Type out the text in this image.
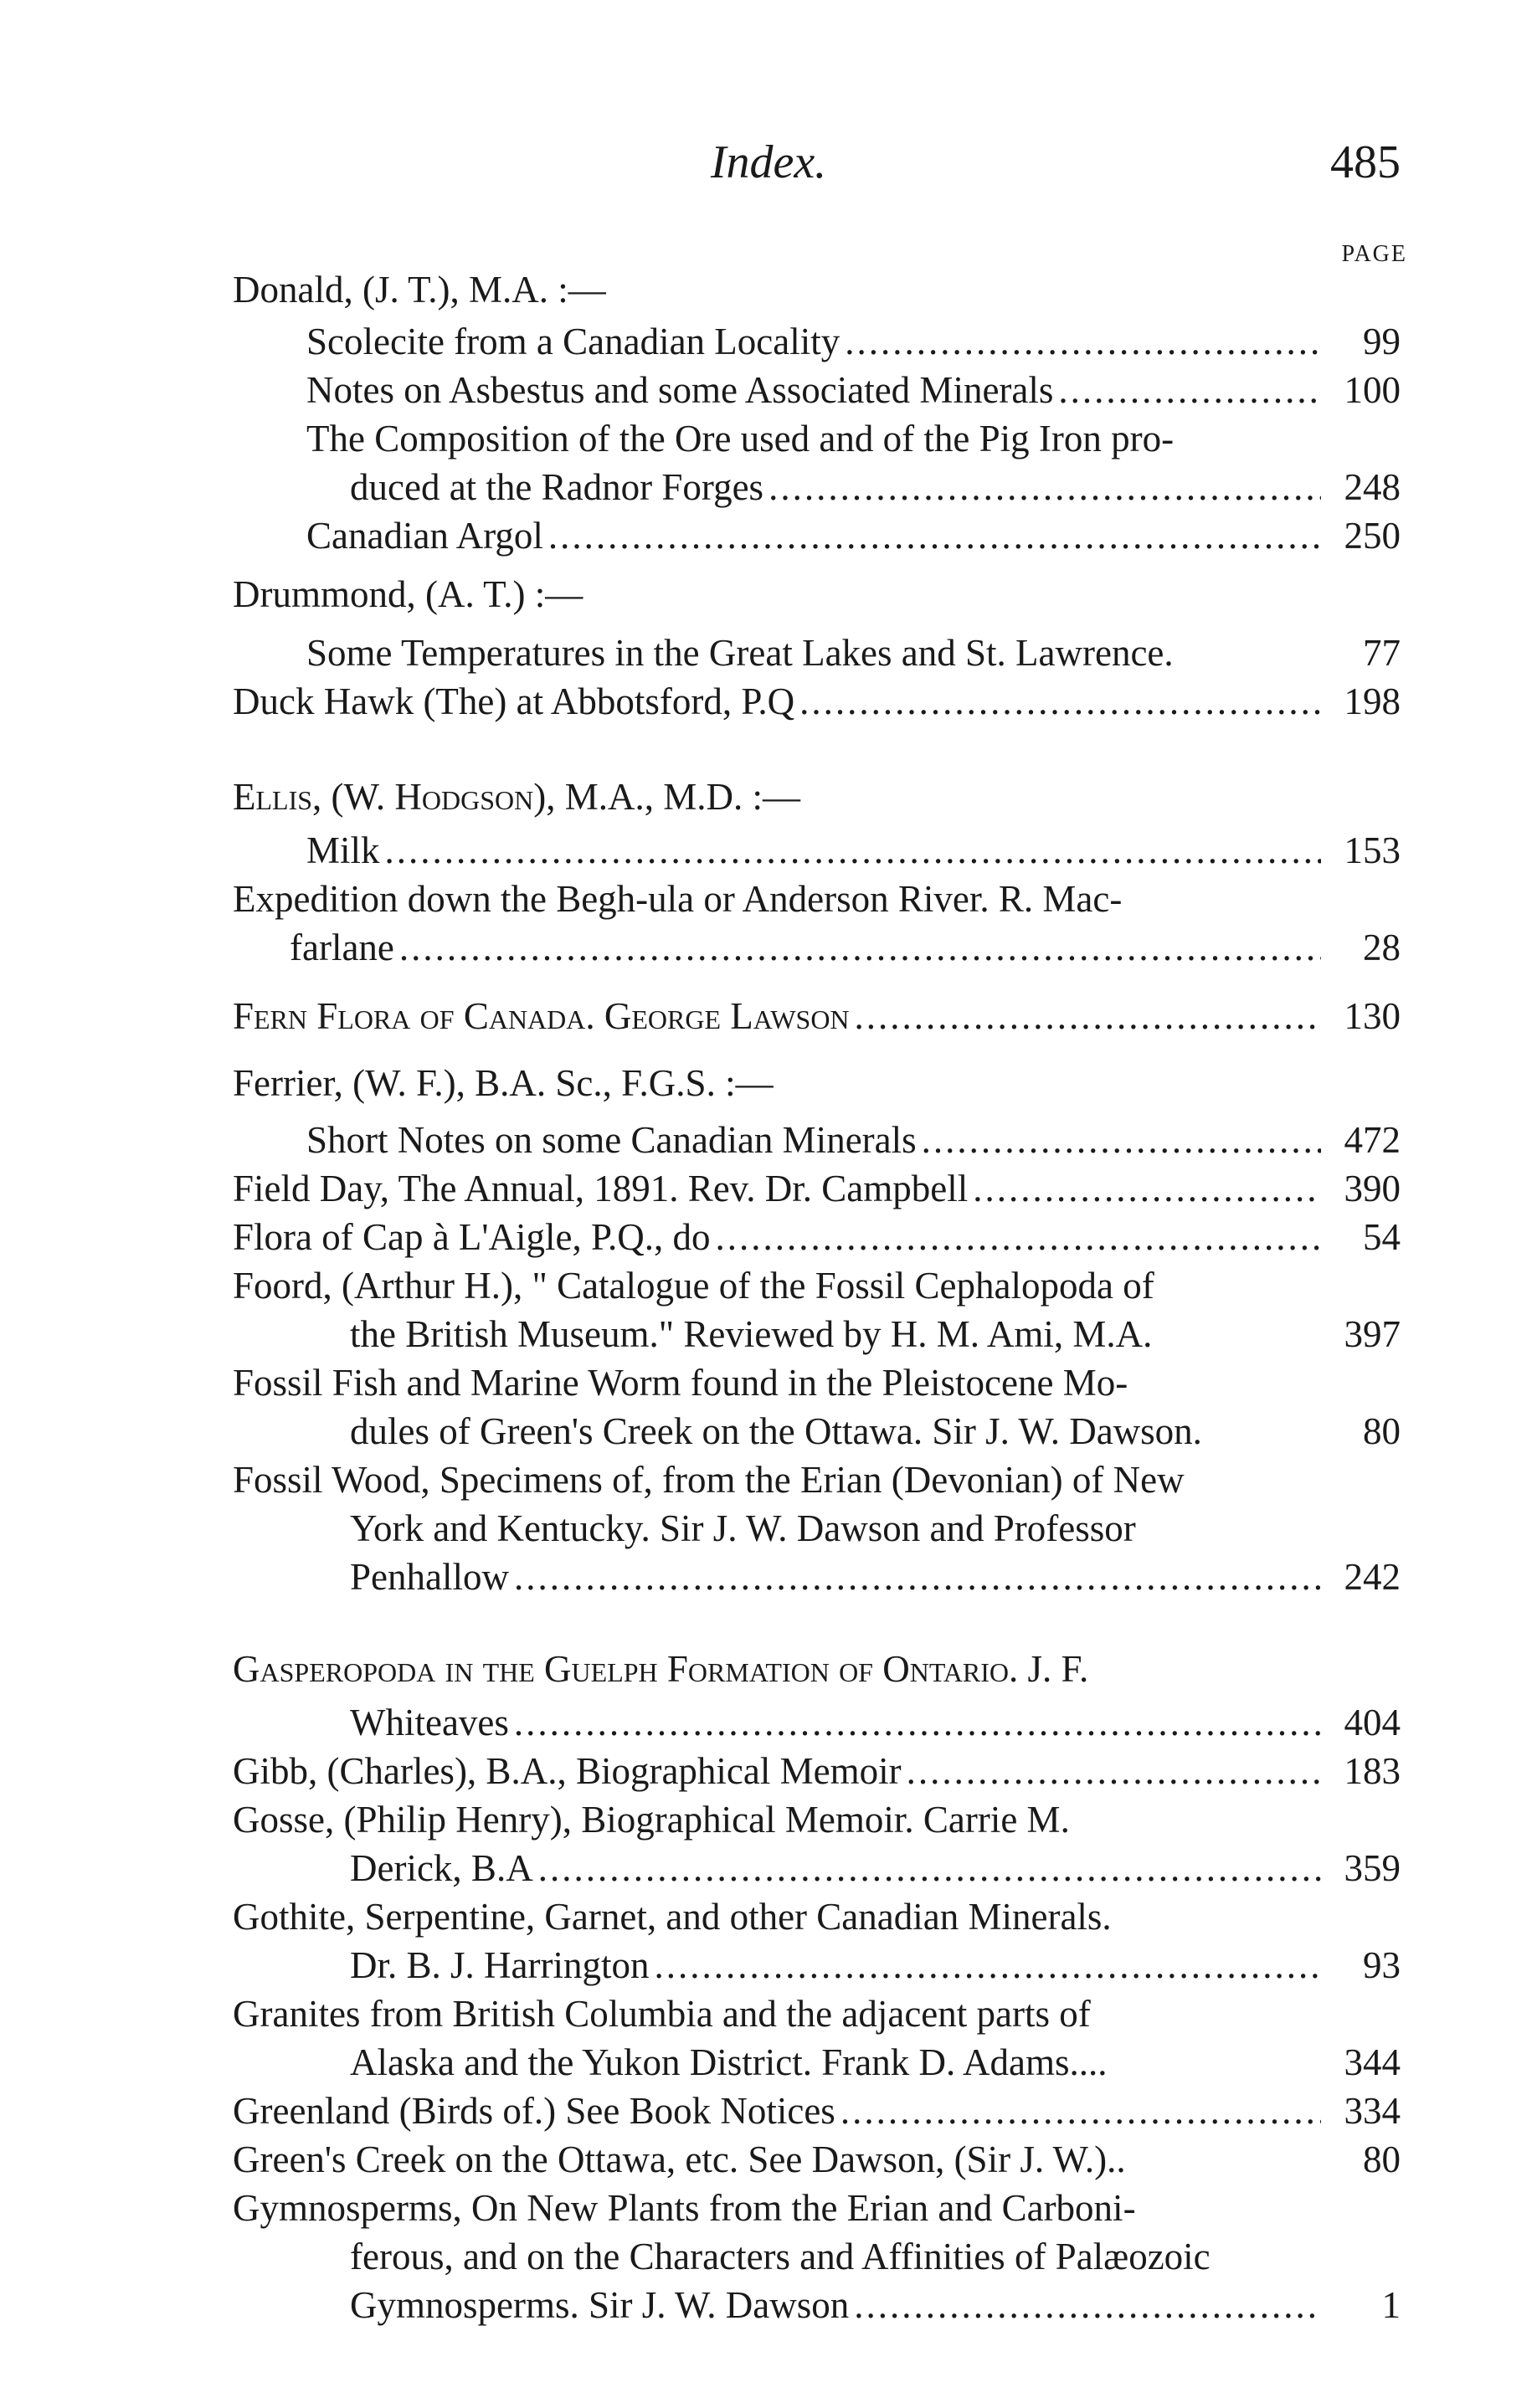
Index.	485
PAGE
Donald, (J. T.), M.A. :—
Scolecite from a Canadian Locality .....	99
Notes on Asbestus and some Associated Minerals .....	100
The Composition of the Ore used and of the Pig Iron pro-
duced at the Radnor Forges .....	248
Canadian Argol .....	250
Drummond, (A. T.) :—
Some Temperatures in the Great Lakes and St. Lawrence.	77
Duck Hawk (The) at Abbotsford, P.Q .....	198
Ellis, (W. Hodgson), M.A., M.D. :—
Milk .....	153
Expedition down the Begh-ula or Anderson River. R. Mac-
farlane .....	28
Fern Flora of Canada. George Lawson .....	130
Ferrier, (W. F.), B.A. Sc., F.G.S. :—
Short Notes on some Canadian Minerals .....	472
Field Day, The Annual, 1891. Rev. Dr. Campbell .....	390
Flora of Cap à L'Aigle, P.Q., do .....	54
Foord, (Arthur H.), " Catalogue of the Fossil Cephalopoda of
the British Museum." Reviewed by H. M. Ami, M.A.	397
Fossil Fish and Marine Worm found in the Pleistocene Mo-
dules of Green's Creek on the Ottawa. Sir J. W. Dawson.	80
Fossil Wood, Specimens of, from the Erian (Devonian) of New
York and Kentucky. Sir J. W. Dawson and Professor
Penhallow .....	242
Gasperopoda in the Guelph Formation of Ontario. J. F.
Whiteaves .....	404
Gibb, (Charles), B.A., Biographical Memoir .....	183
Gosse, (Philip Henry), Biographical Memoir. Carrie M.
Derick, B.A .....	359
Gothite, Serpentine, Garnet, and other Canadian Minerals.
Dr. B. J. Harrington .....	93
Granites from British Columbia and the adjacent parts of
Alaska and the Yukon District. Frank D. Adams....	344
Greenland (Birds of.) See Book Notices .....	334
Green's Creek on the Ottawa, etc. See Dawson, (Sir J. W.)..	80
Gymnosperms, On New Plants from the Erian and Carboni-
ferous, and on the Characters and Affinities of Palæozoic
Gymnosperms. Sir J. W. Dawson .....	1
